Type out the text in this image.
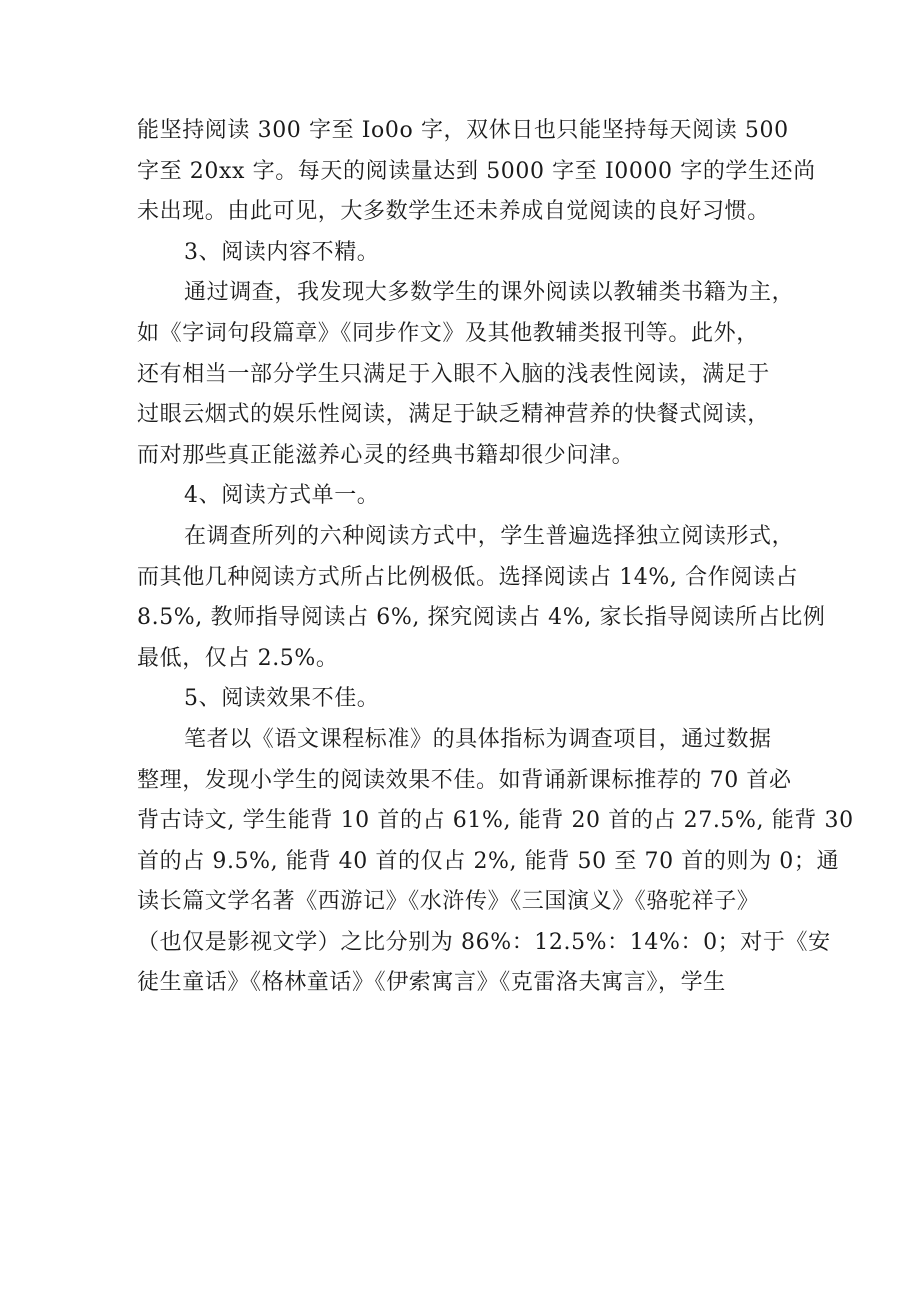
能坚持阅读 300 字至 Io0o 字，双休日也只能坚持每天阅读 500
字至 20xx 字。每天的阅读量达到 5000 字至 I0000 字的学生还尚
未出现。由此可见，大多数学生还未养成自觉阅读的良好习惯。
3、阅读内容不精。
通过调查，我发现大多数学生的课外阅读以教辅类书籍为主，
如《字词句段篇章》《同步作文》及其他教辅类报刊等。此外，
还有相当一部分学生只满足于入眼不入脑的浅表性阅读，满足于
过眼云烟式的娱乐性阅读，满足于缺乏精神营养的快餐式阅读，
而对那些真正能滋养心灵的经典书籍却很少问津。
4、阅读方式单一。
在调查所列的六种阅读方式中，学生普遍选择独立阅读形式，
而其他几种阅读方式所占比例极低。选择阅读占 14%, 合作阅读占
8.5%, 教师指导阅读占 6%, 探究阅读占 4%, 家长指导阅读所占比例
最低，仅占 2.5%。
5、阅读效果不佳。
笔者以《语文课程标准》的具体指标为调查项目，通过数据
整理，发现小学生的阅读效果不佳。如背诵新课标推荐的 70 首必
背古诗文, 学生能背 10 首的占 61%, 能背 20 首的占 27.5%, 能背 30
首的占 9.5%, 能背 40 首的仅占 2%, 能背 50 至 70 首的则为 0；通
读长篇文学名著《西游记》《水浒传》《三国演义》《骆驼祥子》
（也仅是影视文学）之比分别为 86%：12.5%：14%：0；对于《安
徒生童话》《格林童话》《伊索寓言》《克雷洛夫寓言》，学生
